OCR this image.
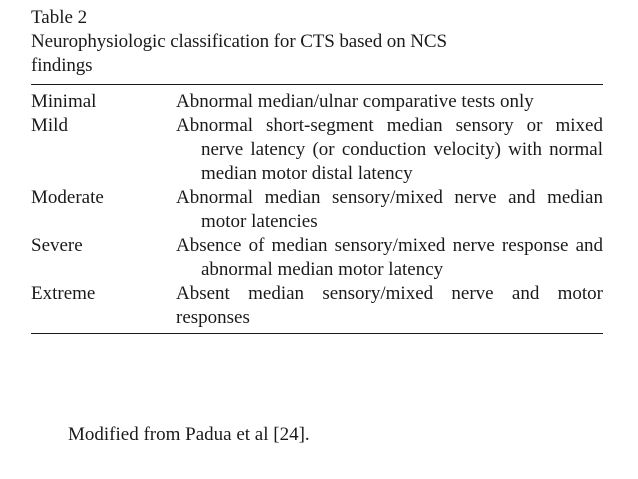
Table 2

Neurophysiologic classification for CTS based on NCS

findings

Minimal	Abnormal median/ulnar comparative tests only
Mild	Abnormal short-segment median sensory or mixed nerve latency (or conduction velocity) with normal median motor distal latency
Moderate	Abnormal median sensory/mixed nerve and median motor latencies
Severe	Absence of median sensory/mixed nerve response and abnormal median motor latency
Extreme	Absent median sensory/mixed nerve and motor responses
Modified from Padua et al [24].
